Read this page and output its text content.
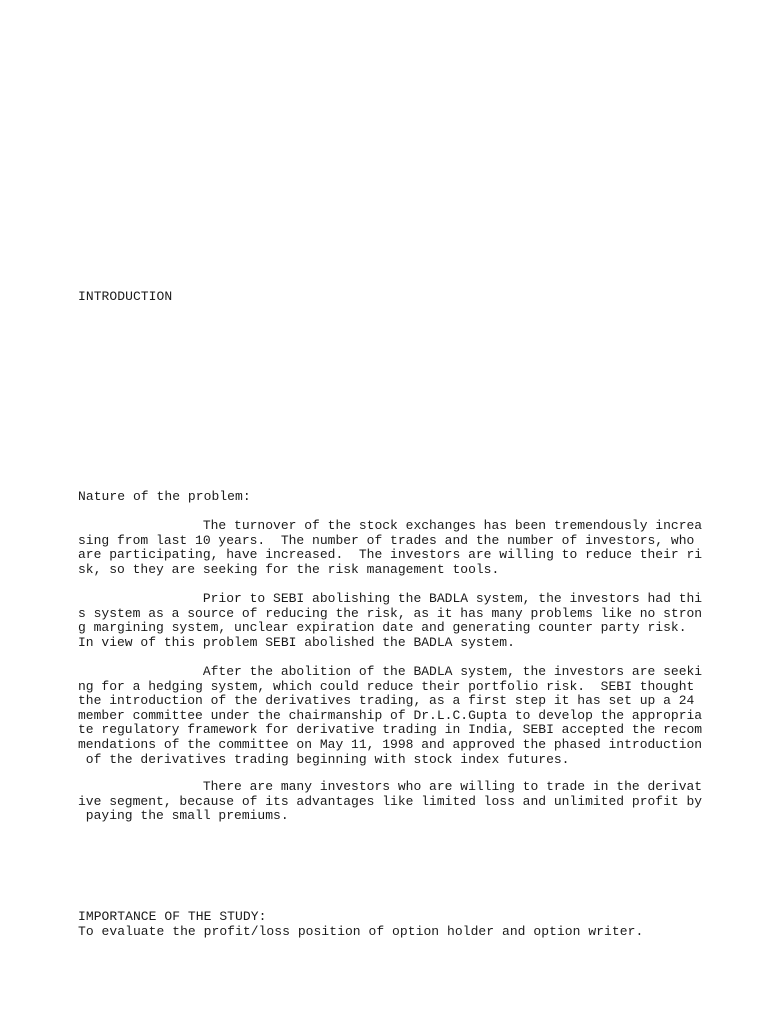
INTRODUCTION
Nature of the problem:
The turnover of the stock exchanges has been tremendously increa
sing from last 10 years.  The number of trades and the number of investors, who
are participating, have increased.  The investors are willing to reduce their ri
sk, so they are seeking for the risk management tools.
Prior to SEBI abolishing the BADLA system, the investors had thi
s system as a source of reducing the risk, as it has many problems like no stron
g margining system, unclear expiration date and generating counter party risk.
In view of this problem SEBI abolished the BADLA system.
After the abolition of the BADLA system, the investors are seeki
ng for a hedging system, which could reduce their portfolio risk.  SEBI thought
the introduction of the derivatives trading, as a first step it has set up a 24
member committee under the chairmanship of Dr.L.C.Gupta to develop the appropria
te regulatory framework for derivative trading in India, SEBI accepted the recom
mendations of the committee on May 11, 1998 and approved the phased introduction
of the derivatives trading beginning with stock index futures.
There are many investors who are willing to trade in the derivat
ive segment, because of its advantages like limited loss and unlimited profit by
paying the small premiums.
IMPORTANCE OF THE STUDY:
To evaluate the profit/loss position of option holder and option writer.
